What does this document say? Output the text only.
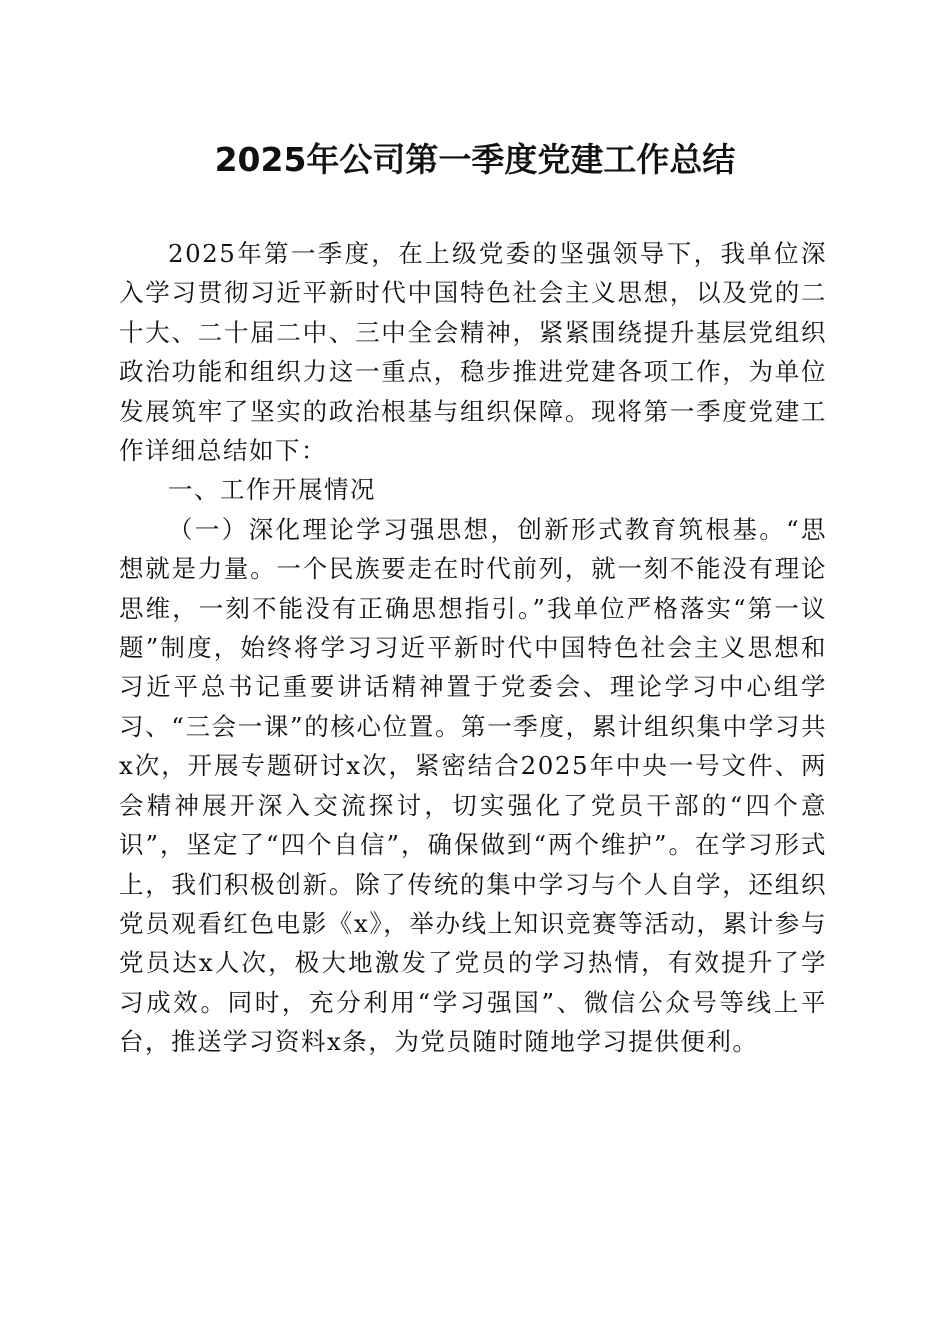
2025年公司第一季度党建工作总结

2025年第一季度，在上级党委的坚强领导下，我单位深入学习贯彻习近平新时代中国特色社会主义思想，以及党的二十大、二十届二中、三中全会精神，紧紧围绕提升基层党组织政治功能和组织力这一重点，稳步推进党建各项工作，为单位发展筑牢了坚实的政治根基与组织保障。现将第一季度党建工作详细总结如下：

一、工作开展情况

（一）深化理论学习强思想，创新形式教育筑根基。“思想就是力量。一个民族要走在时代前列，就一刻不能没有理论思维，一刻不能没有正确思想指引。”我单位严格落实“第一议题”制度，始终将学习习近平新时代中国特色社会主义思想和习近平总书记重要讲话精神置于党委会、理论学习中心组学习、“三会一课”的核心位置。第一季度，累计组织集中学习共x次，开展专题研讨x次，紧密结合2025年中央一号文件、两会精神展开深入交流探讨，切实强化了党员干部的“四个意识”，坚定了“四个自信”，确保做到“两个维护”。在学习形式上，我们积极创新。除了传统的集中学习与个人自学，还组织党员观看红色电影《x》，举办线上知识竞赛等活动，累计参与党员达x人次，极大地激发了党员的学习热情，有效提升了学习成效。同时，充分利用“学习强国”、微信公众号等线上平台，推送学习资料x条，为党员随时随地学习提供便利。
